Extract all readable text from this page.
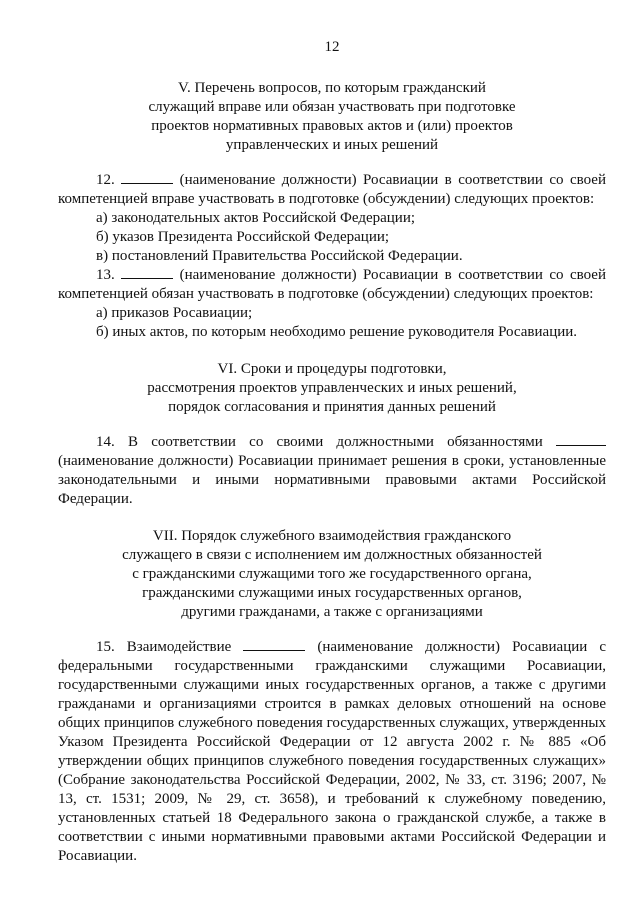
12
V. Перечень вопросов, по которым гражданский
служащий вправе или обязан участвовать при подготовке
проектов нормативных правовых актов и (или) проектов
управленческих и иных решений

12.	(наименование должности) Росавиации в соответствии со своей компетенцией вправе участвовать в подготовке (обсуждении) следующих проектов:

а) законодательных актов Российской Федерации;

б) указов Президента Российской Федерации;

в) постановлений Правительства Российской Федерации.

13.	(наименование должности) Росавиации в соответствии со своей компетенцией обязан участвовать в подготовке (обсуждении) следующих проектов:

а) приказов Росавиации;

б) иных актов, по которым необходимо решение руководителя Росавиации.

VI. Сроки и процедуры подготовки,
рассмотрения проектов управленческих и иных решений,
порядок согласования и принятия данных решений

14. В соответствии со своими должностными обязанностями  (наименование должности) Росавиации принимает решения в сроки, установленные законодательными и иными нормативными правовыми актами Российской Федерации.

VII. Порядок служебного взаимодействия гражданского
служащего в связи с исполнением им должностных обязанностей
с гражданскими служащими того же государственного органа,
гражданскими служащими иных государственных органов,
другими гражданами, а также с организациями

15. Взаимодействие	(наименование должности) Росавиации с федеральными государственными гражданскими служащими Росавиации, государственными служащими иных государственных органов, а также с другими гражданами и организациями строится в рамках деловых отношений на основе общих принципов служебного поведения государственных служащих, утвержденных Указом Президента Российской Федерации от 12 августа 2002 г. № 885 «Об утверждении общих принципов служебного поведения государственных служащих» (Собрание законодательства Российской Федерации, 2002, № 33, ст. 3196; 2007, № 13, ст. 1531; 2009, № 29, ст. 3658), и требований к служебному поведению, установленных статьей 18 Федерального закона о гражданской службе, а также в соответствии с иными нормативными правовыми актами Российской Федерации и Росавиации.
